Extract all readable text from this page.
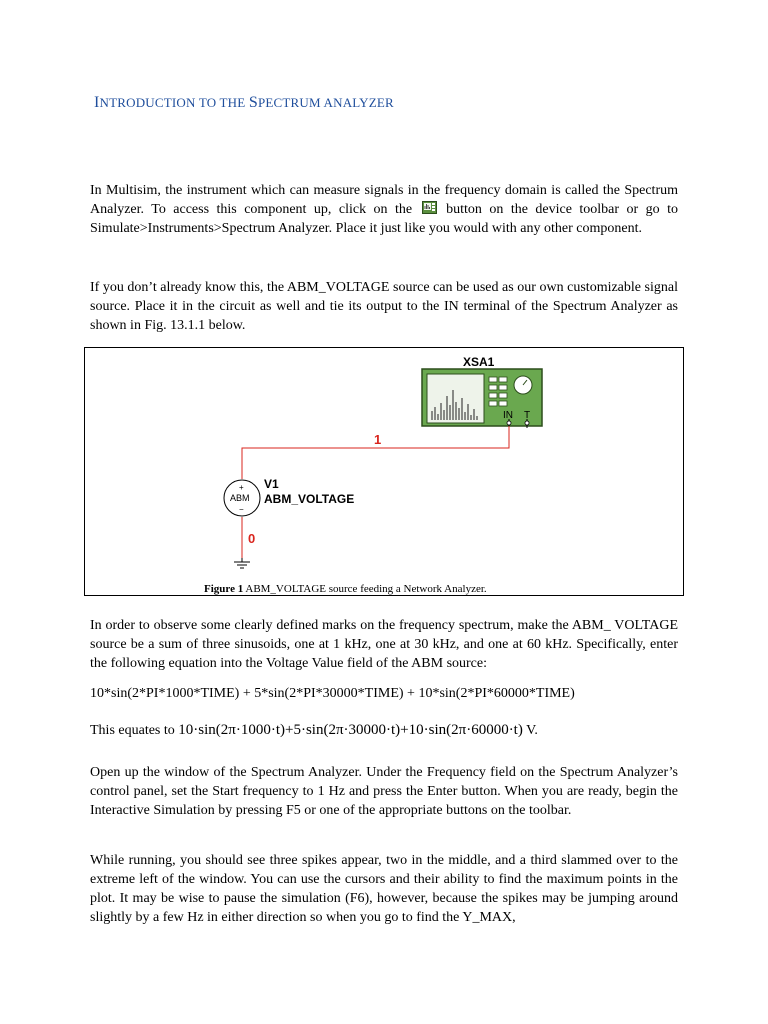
INTRODUCTION TO THE SPECTRUM ANALYZER
In Multisim, the instrument which can measure signals in the frequency domain is called the Spectrum Analyzer. To access this component up, click on the button on the device toolbar or go to Simulate>Instruments>Spectrum Analyzer. Place it just like you would with any other component.
If you don’t already know this, the ABM_VOLTAGE source can be used as our own customizable signal source. Place it in the circuit as well and tie its output to the IN terminal of the Spectrum Analyzer as shown in Fig. 13.1.1 below.
XSA1
IN T
1
0
+
ABM
−
V1
ABM_VOLTAGE
Figure 1 ABM_VOLTAGE source feeding a Network Analyzer.
In order to observe some clearly defined marks on the frequency spectrum, make the ABM_ VOLTAGE source be a sum of three sinusoids, one at 1 kHz, one at 30 kHz, and one at 60 kHz. Specifically, enter the following equation into the Voltage Value field of the ABM source:
10*sin(2*PI*1000*TIME) + 5*sin(2*PI*30000*TIME) + 10*sin(2*PI*60000*TIME)
This equates to 10·sin(2π·1000·t)+5·sin(2π·30000·t)+10·sin(2π·60000·t) V.
Open up the window of the Spectrum Analyzer. Under the Frequency field on the Spectrum Analyzer’s control panel, set the Start frequency to 1 Hz and press the Enter button. When you are ready, begin the Interactive Simulation by pressing F5 or one of the appropriate buttons on the toolbar.
While running, you should see three spikes appear, two in the middle, and a third slammed over to the extreme left of the window. You can use the cursors and their ability to find the maximum points in the plot. It may be wise to pause the simulation (F6), however, because the spikes may be jumping around slightly by a few Hz in either direction so when you go to find the Y_MAX,
